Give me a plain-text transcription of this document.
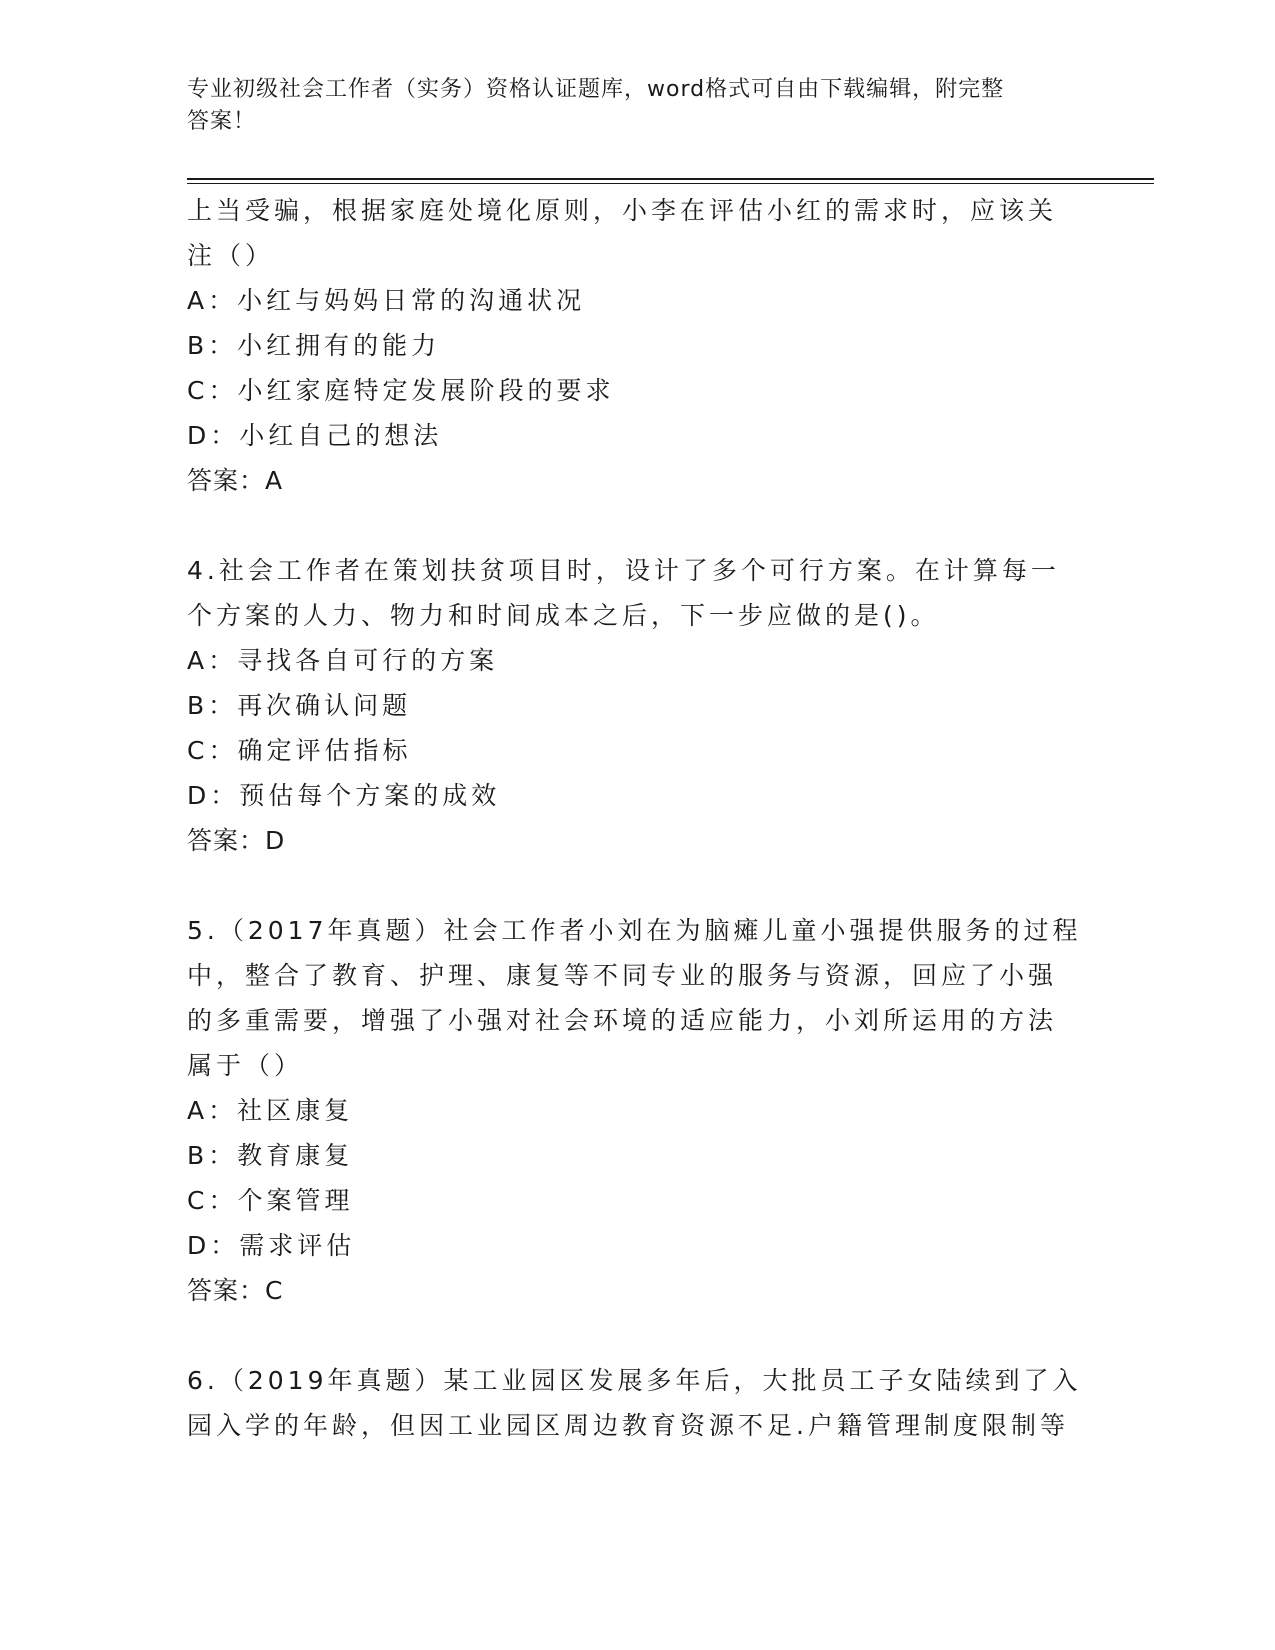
专业初级社会工作者（实务）资格认证题库，word格式可自由下载编辑，附完整
答案！
上当受骗，根据家庭处境化原则，小李在评估小红的需求时，应该关
注（）
A：小红与妈妈日常的沟通状况
B：小红拥有的能力
C：小红家庭特定发展阶段的要求
D：小红自己的想法
答案：A
4.社会工作者在策划扶贫项目时，设计了多个可行方案。在计算每一
个方案的人力、物力和时间成本之后，下一步应做的是()。
A：寻找各自可行的方案
B：再次确认问题
C：确定评估指标
D：预估每个方案的成效
答案：D
5.（2017年真题）社会工作者小刘在为脑瘫儿童小强提供服务的过程
中，整合了教育、护理、康复等不同专业的服务与资源，回应了小强
的多重需要，增强了小强对社会环境的适应能力，小刘所运用的方法
属于（）
A：社区康复
B：教育康复
C：个案管理
D：需求评估
答案：C
6.（2019年真题）某工业园区发展多年后，大批员工子女陆续到了入
园入学的年龄，但因工业园区周边教育资源不足.户籍管理制度限制等
